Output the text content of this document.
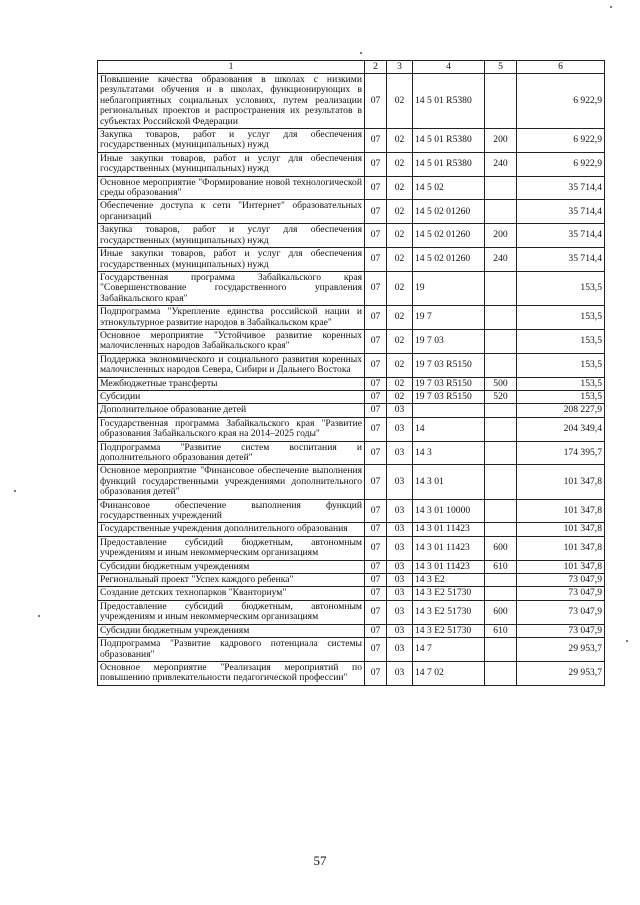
1	2	3	4	5	6
Повышение качества образования в школах с низкими результатами обучения и в школах, функционирующих в неблагоприятных социальных условиях, путем реализации региональных проектов и распространения их результатов в субъектах Российской Федерации	07	02	14 5 01 R5380		6 922,9
Закупка товаров, работ и услуг для обеспечения государственных (муниципальных) нужд	07	02	14 5 01 R5380	200	6 922,9
Иные закупки товаров, работ и услуг для обеспечения государственных (муниципальных) нужд	07	02	14 5 01 R5380	240	6 922,9
Основное мероприятие "Формирование новой технологической среды образования"	07	02	14 5 02		35 714,4
Обеспечение доступа к сети "Интернет" образовательных организаций	07	02	14 5 02 01260		35 714,4
Закупка товаров, работ и услуг для обеспечения государственных (муниципальных) нужд	07	02	14 5 02 01260	200	35 714,4
Иные закупки товаров, работ и услуг для обеспечения государственных (муниципальных) нужд	07	02	14 5 02 01260	240	35 714,4
Государственная программа Забайкальского края "Совершенствование государственного управления Забайкальского края"	07	02	19		153,5
Подпрограмма "Укрепление единства российской нации и этнокультурное развитие народов в Забайкальском крае"	07	02	19 7		153,5
Основное мероприятие "Устойчивое развитие коренных малочисленных народов Забайкальского края"	07	02	19 7 03		153,5
Поддержка экономического и социального развития коренных малочисленных народов Севера, Сибири и Дальнего Востока	07	02	19 7 03 R5150		153,5
Межбюджетные трансферты	07	02	19 7 03 R5150	500	153,5
Субсидии	07	02	19 7 03 R5150	520	153,5
Дополнительное образование детей	07	03			208 227,9
Государственная программа Забайкальского края "Развитие образования Забайкальского края на 2014–2025 годы"	07	03	14		204 349,4
Подпрограмма "Развитие систем воспитания и дополнительного образования детей"	07	03	14 3		174 395,7
Основное мероприятие "Финансовое обеспечение выполнения функций государственными учреждениями дополнительного образования детей"	07	03	14 3 01		101 347,8
Финансовое обеспечение выполнения функций государственных учреждений	07	03	14 3 01 10000		101 347,8
Государственные учреждения дополнительного образования	07	03	14 3 01 11423		101 347,8
Предоставление субсидий бюджетным, автономным учреждениям и иным некоммерческим организациям	07	03	14 3 01 11423	600	101 347,8
Субсидии бюджетным учреждениям	07	03	14 3 01 11423	610	101 347,8
Региональный проект "Успех каждого ребенка"	07	03	14 3 E2		73 047,9
Создание детских технопарков "Кванториум"	07	03	14 3 E2 51730		73 047,9
Предоставление субсидий бюджетным, автономным учреждениям и иным некоммерческим организациям	07	03	14 3 E2 51730	600	73 047,9
Субсидии бюджетным учреждениям	07	03	14 3 E2 51730	610	73 047,9
Подпрограмма "Развитие кадрового потенциала системы образования"	07	03	14 7		29 953,7
Основное мероприятие "Реализация мероприятий по повышению привлекательности педагогической профессии"	07	03	14 7 02		29 953,7
57
